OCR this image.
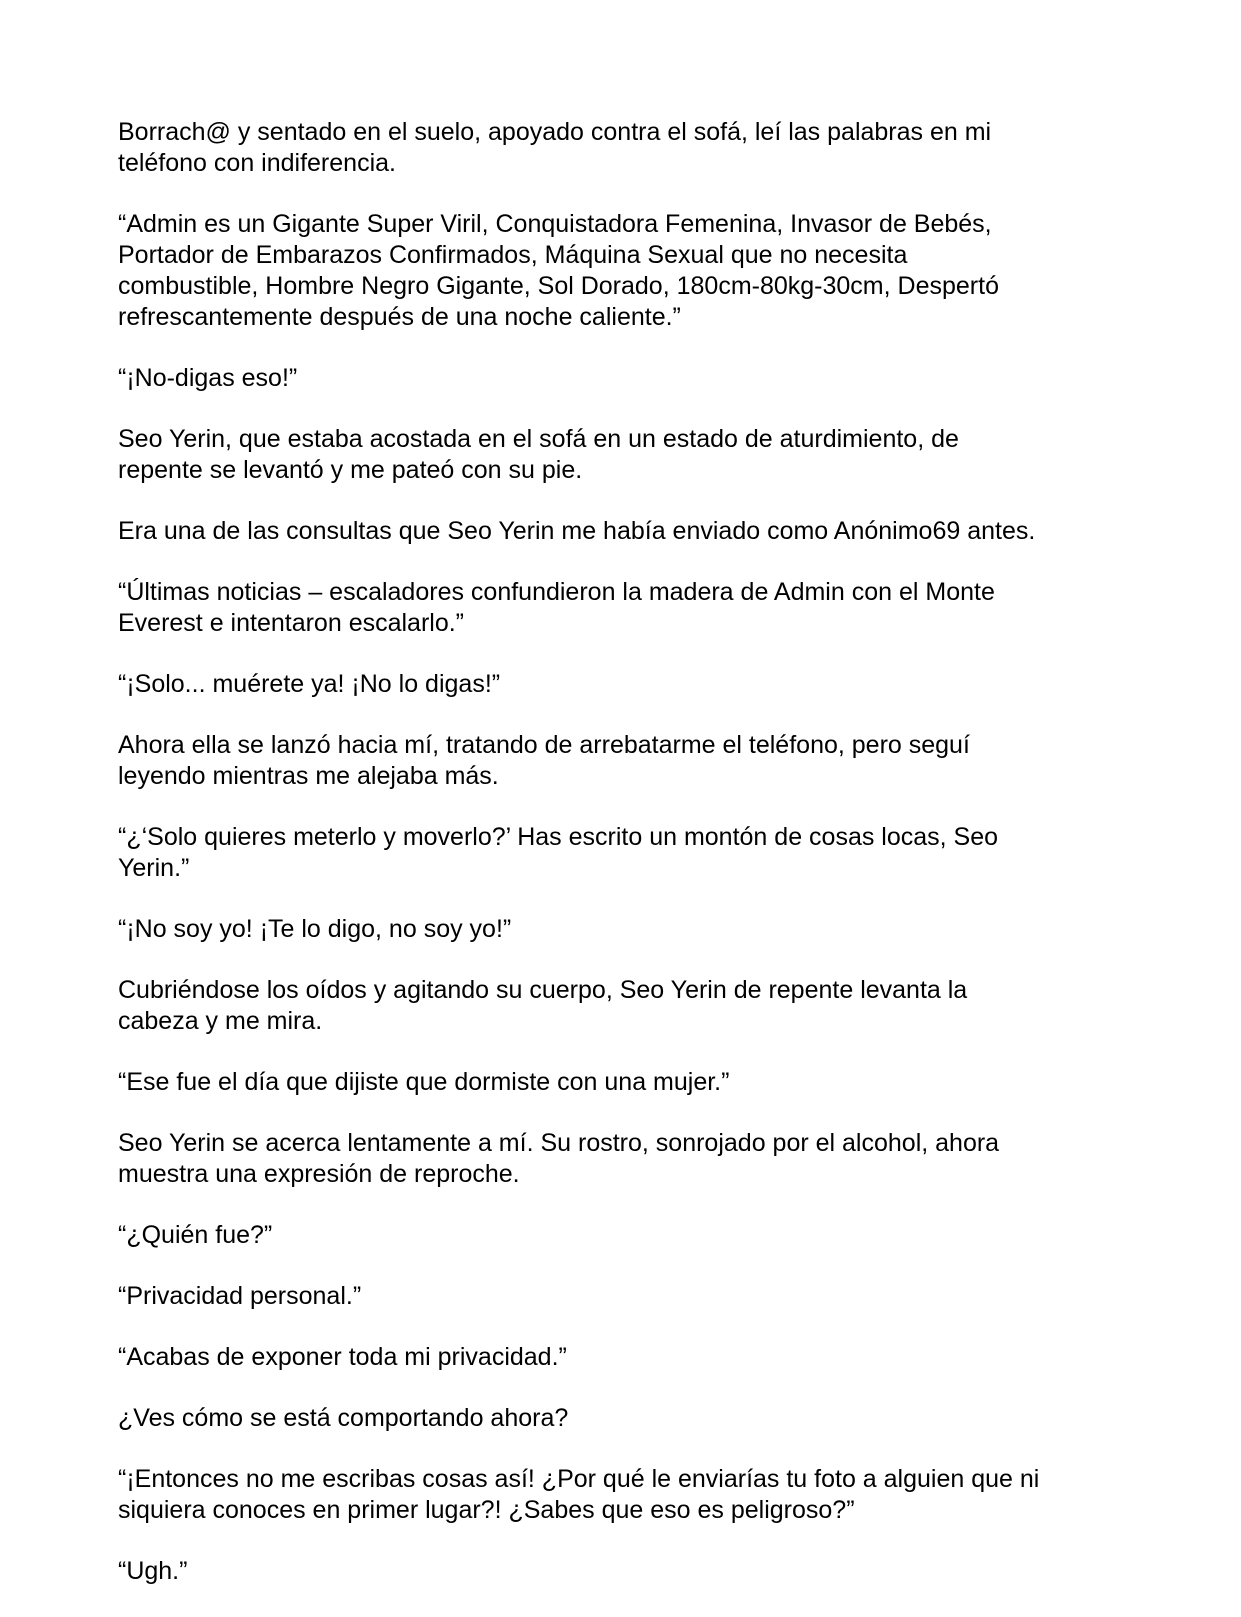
Borrach@ y sentado en el suelo, apoyado contra el sofá, leí las palabras en mi
teléfono con indiferencia.

“Admin es un Gigante Super Viril, Conquistadora Femenina, Invasor de Bebés,
Portador de Embarazos Confirmados, Máquina Sexual que no necesita
combustible, Hombre Negro Gigante, Sol Dorado, 180cm-80kg-30cm, Despertó
refrescantemente después de una noche caliente.”

“¡No-digas eso!”

Seo Yerin, que estaba acostada en el sofá en un estado de aturdimiento, de
repente se levantó y me pateó con su pie.

Era una de las consultas que Seo Yerin me había enviado como Anónimo69 antes.

“Últimas noticias – escaladores confundieron la madera de Admin con el Monte
Everest e intentaron escalarlo.”

“¡Solo... muérete ya! ¡No lo digas!”

Ahora ella se lanzó hacia mí, tratando de arrebatarme el teléfono, pero seguí
leyendo mientras me alejaba más.

“¿‘Solo quieres meterlo y moverlo?’ Has escrito un montón de cosas locas, Seo
Yerin.”

“¡No soy yo! ¡Te lo digo, no soy yo!”

Cubriéndose los oídos y agitando su cuerpo, Seo Yerin de repente levanta la
cabeza y me mira.

“Ese fue el día que dijiste que dormiste con una mujer.”

Seo Yerin se acerca lentamente a mí. Su rostro, sonrojado por el alcohol, ahora
muestra una expresión de reproche.

“¿Quién fue?”

“Privacidad personal.”

“Acabas de exponer toda mi privacidad.”

¿Ves cómo se está comportando ahora?

“¡Entonces no me escribas cosas así! ¿Por qué le enviarías tu foto a alguien que ni
siquiera conoces en primer lugar?! ¿Sabes que eso es peligroso?”

“Ugh.”
